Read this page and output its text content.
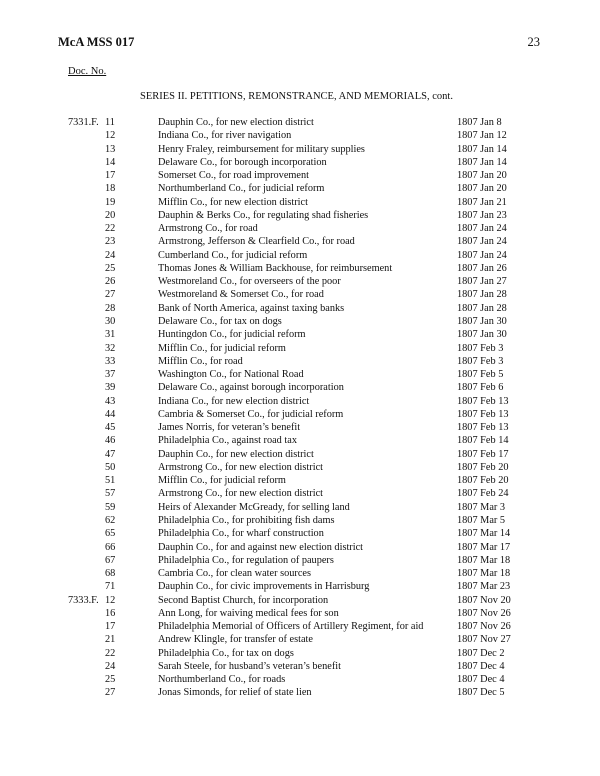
McA MSS 017	23
Doc. No.
SERIES II. PETITIONS, REMONSTRANCE, AND MEMORIALS, cont.
7331.F. 11	Dauphin Co., for new election district	1807 Jan 8
12	Indiana Co., for river navigation	1807 Jan 12
13	Henry Fraley, reimbursement for military supplies	1807 Jan 14
14	Delaware Co., for borough incorporation	1807 Jan 14
17	Somerset Co., for road improvement	1807 Jan 20
18	Northumberland Co., for judicial reform	1807 Jan 20
19	Mifflin Co., for new election district	1807 Jan 21
20	Dauphin & Berks Co., for regulating shad fisheries	1807 Jan 23
22	Armstrong Co., for road	1807 Jan 24
23	Armstrong, Jefferson & Clearfield Co., for road	1807 Jan 24
24	Cumberland Co., for judicial reform	1807 Jan 24
25	Thomas Jones & William Backhouse, for reimbursement	1807 Jan 26
26	Westmoreland Co., for overseers of the poor	1807 Jan 27
27	Westmoreland & Somerset Co., for road	1807 Jan 28
28	Bank of North America, against taxing banks	1807 Jan 28
30	Delaware Co., for tax on dogs	1807 Jan 30
31	Huntingdon Co., for judicial reform	1807 Jan 30
32	Mifflin Co., for judicial reform	1807 Feb 3
33	Mifflin Co., for road	1807 Feb 3
37	Washington Co., for National Road	1807 Feb 5
39	Delaware Co., against borough incorporation	1807 Feb 6
43	Indiana Co., for new election district	1807 Feb 13
44	Cambria & Somerset Co., for judicial reform	1807 Feb 13
45	James Norris, for veteran’s benefit	1807 Feb 13
46	Philadelphia Co., against road tax	1807 Feb 14
47	Dauphin Co., for new election district	1807 Feb 17
50	Armstrong Co., for new election district	1807 Feb 20
51	Mifflin Co., for judicial reform	1807 Feb 20
57	Armstrong Co., for new election district	1807 Feb 24
59	Heirs of Alexander McGready, for selling land	1807 Mar 3
62	Philadelphia Co., for prohibiting fish dams	1807 Mar 5
65	Philadelphia Co., for wharf construction	1807 Mar 14
66	Dauphin Co., for and against new election district	1807 Mar 17
67	Philadelphia Co., for regulation of paupers	1807 Mar 18
68	Cambria Co., for clean water sources	1807 Mar 18
71	Dauphin Co., for civic improvements in Harrisburg	1807 Mar 23
7333.F. 12	Second Baptist Church, for incorporation	1807 Nov 20
16	Ann Long, for waiving medical fees for son	1807 Nov 26
17	Philadelphia Memorial of Officers of Artillery Regiment, for aid	1807 Nov 26
21	Andrew Klingle, for transfer of estate	1807 Nov 27
22	Philadelphia Co., for tax on dogs	1807 Dec 2
24	Sarah Steele, for husband’s veteran’s benefit	1807 Dec 4
25	Northumberland Co., for roads	1807 Dec 4
27	Jonas Simonds, for relief of state lien	1807 Dec 5
